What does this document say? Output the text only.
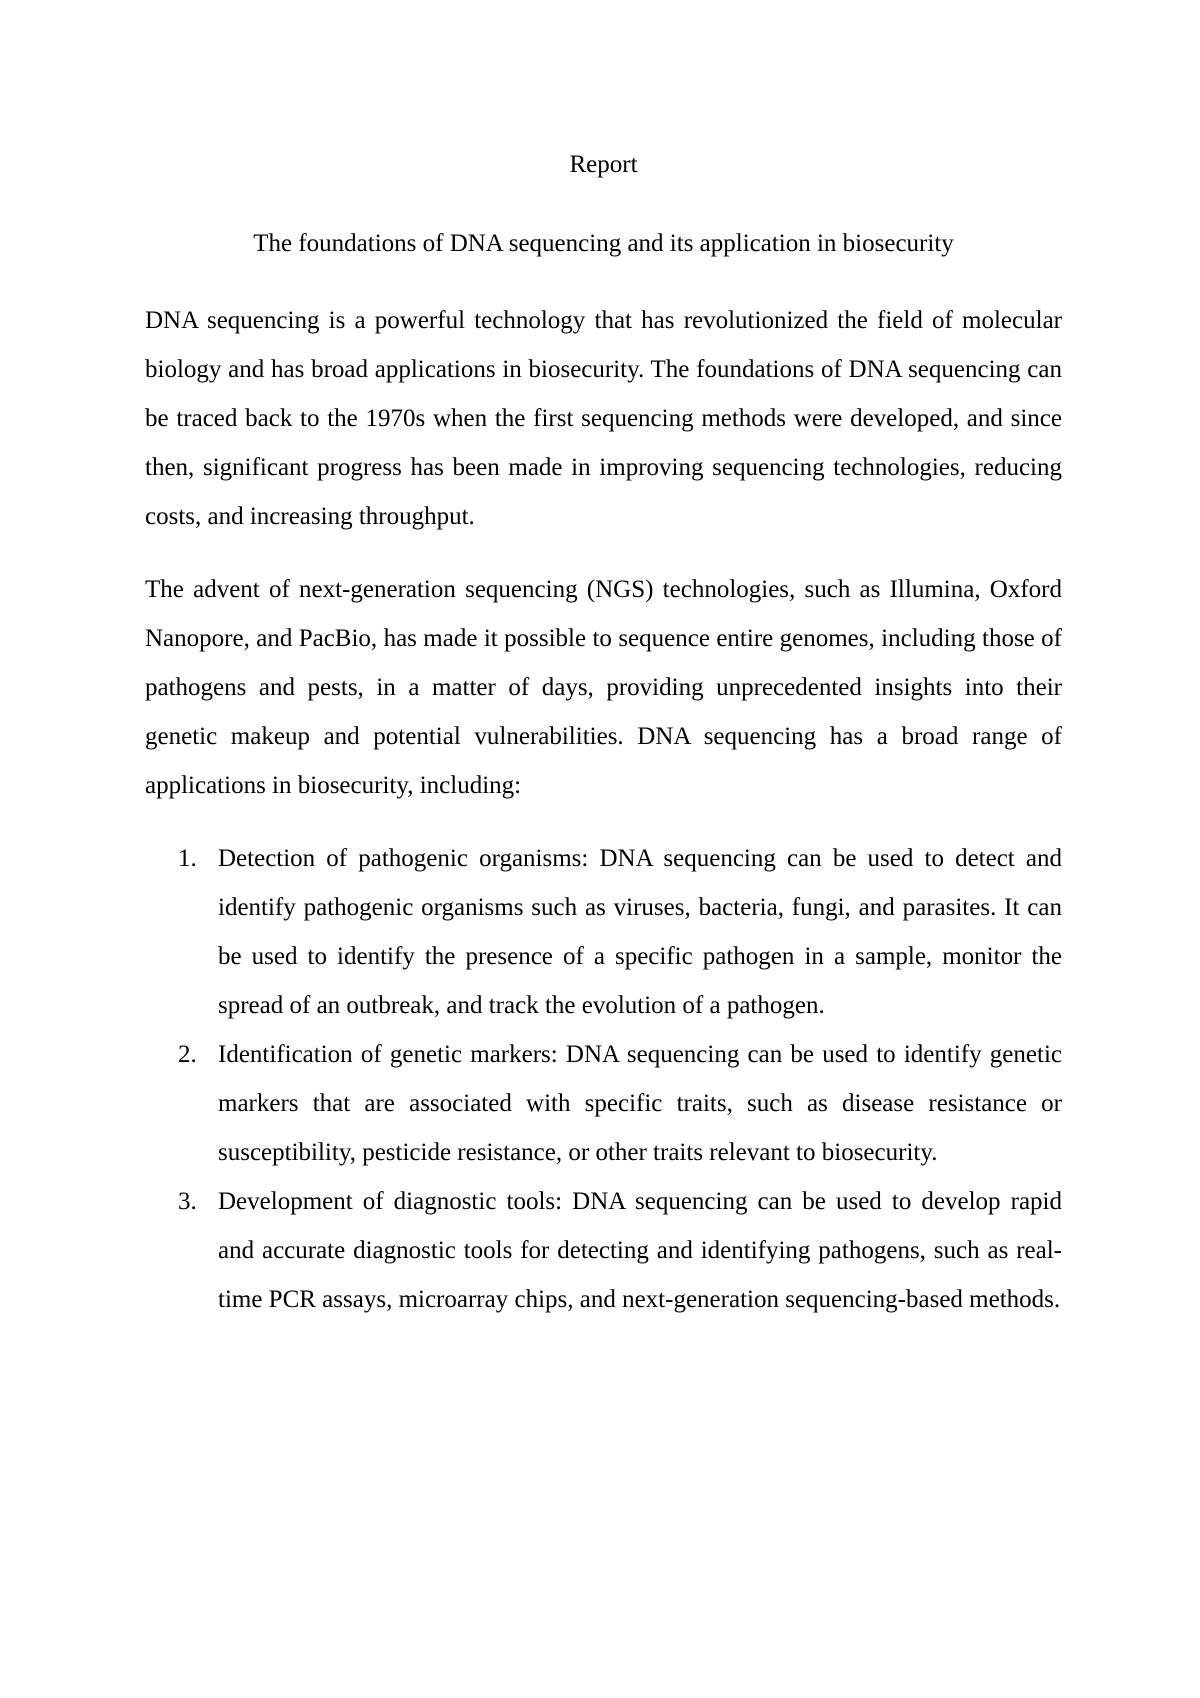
Report

The foundations of DNA sequencing and its application in biosecurity

DNA sequencing is a powerful technology that has revolutionized the field of molecular biology and has broad applications in biosecurity. The foundations of DNA sequencing can be traced back to the 1970s when the first sequencing methods were developed, and since then, significant progress has been made in improving sequencing technologies, reducing costs, and increasing throughput.

The advent of next-generation sequencing (NGS) technologies, such as Illumina, Oxford Nanopore, and PacBio, has made it possible to sequence entire genomes, including those of pathogens and pests, in a matter of days, providing unprecedented insights into their genetic makeup and potential vulnerabilities. DNA sequencing has a broad range of applications in biosecurity, including:

1. Detection of pathogenic organisms: DNA sequencing can be used to detect and identify pathogenic organisms such as viruses, bacteria, fungi, and parasites. It can be used to identify the presence of a specific pathogen in a sample, monitor the spread of an outbreak, and track the evolution of a pathogen.
2. Identification of genetic markers: DNA sequencing can be used to identify genetic markers that are associated with specific traits, such as disease resistance or susceptibility, pesticide resistance, or other traits relevant to biosecurity.
3. Development of diagnostic tools: DNA sequencing can be used to develop rapid and accurate diagnostic tools for detecting and identifying pathogens, such as real-time PCR assays, microarray chips, and next-generation sequencing-based methods.
